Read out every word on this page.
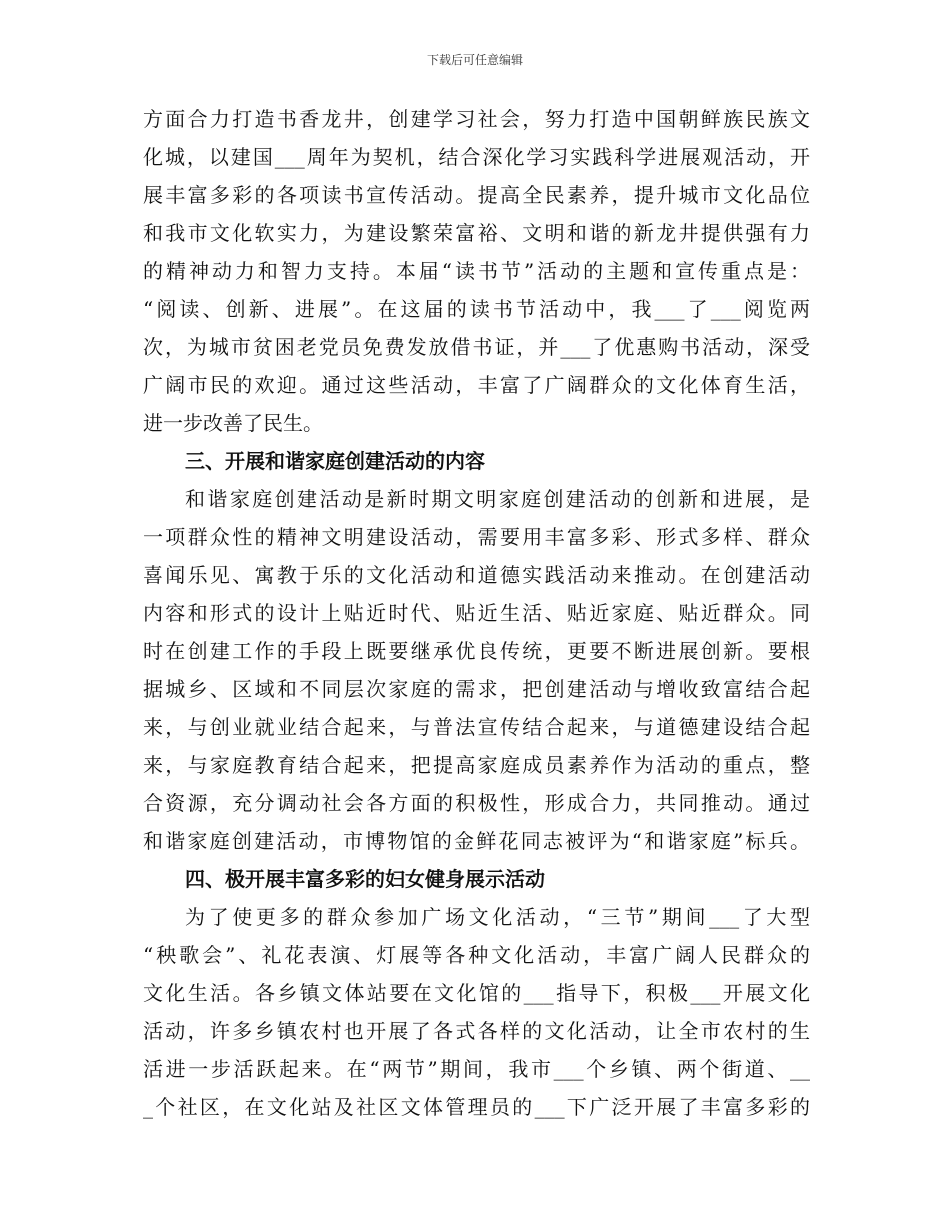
下载后可任意编辑
方面合力打造书香龙井，创建学习社会，努力打造中国朝鲜族民族文
化城，以建国___周年为契机，结合深化学习实践科学进展观活动，开
展丰富多彩的各项读书宣传活动。提高全民素养，提升城市文化品位
和我市文化软实力，为建设繁荣富裕、文明和谐的新龙井提供强有力
的精神动力和智力支持。本届“读书节”活动的主题和宣传重点是：
“阅读、创新、进展”。在这届的读书节活动中，我___了___阅览两
次，为城市贫困老党员免费发放借书证，并___了优惠购书活动，深受
广阔市民的欢迎。通过这些活动，丰富了广阔群众的文化体育生活，
进一步改善了民生。
三、开展和谐家庭创建活动的内容
和谐家庭创建活动是新时期文明家庭创建活动的创新和进展，是
一项群众性的精神文明建设活动，需要用丰富多彩、形式多样、群众
喜闻乐见、寓教于乐的文化活动和道德实践活动来推动。在创建活动
内容和形式的设计上贴近时代、贴近生活、贴近家庭、贴近群众。同
时在创建工作的手段上既要继承优良传统，更要不断进展创新。要根
据城乡、区域和不同层次家庭的需求，把创建活动与增收致富结合起
来，与创业就业结合起来，与普法宣传结合起来，与道德建设结合起
来，与家庭教育结合起来，把提高家庭成员素养作为活动的重点，整
合资源，充分调动社会各方面的积极性，形成合力，共同推动。通过
和谐家庭创建活动，市博物馆的金鲜花同志被评为“和谐家庭”标兵。
四、极开展丰富多彩的妇女健身展示活动
为了使更多的群众参加广场文化活动，“三节”期间___了大型
“秧歌会”、礼花表演、灯展等各种文化活动，丰富广阔人民群众的
文化生活。各乡镇文体站要在文化馆的___指导下，积极___开展文化
活动，许多乡镇农村也开展了各式各样的文化活动，让全市农村的生
活进一步活跃起来。在“两节”期间，我市___个乡镇、两个街道、__
_个社区，在文化站及社区文体管理员的___下广泛开展了丰富多彩的
